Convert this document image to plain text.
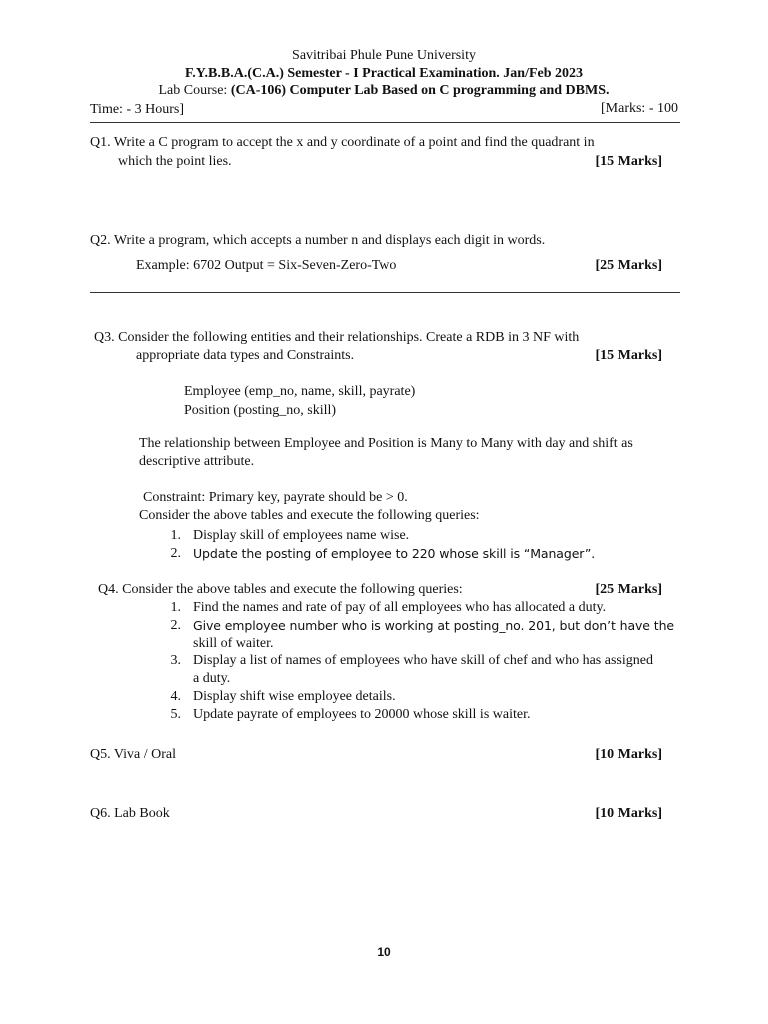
Savitribai Phule Pune University
F.Y.B.B.A.(C.A.) Semester - I Practical Examination. Jan/Feb 2023
Lab Course: (CA-106) Computer Lab Based on C programming and DBMS.
Time: - 3 Hours]	[Marks: - 100
Q1. Write a C program to accept the x and y coordinate of a point and find the quadrant in
which the point lies.	[15 Marks]
Q2. Write a program, which accepts a number n and displays each digit in words.
Example: 6702 Output = Six-Seven-Zero-Two	[25 Marks]
Q3. Consider the following entities and their relationships. Create a RDB in 3 NF with
appropriate data types and Constraints.	[15 Marks]
Employee (emp_no, name, skill, payrate)
Position (posting_no, skill)
The relationship between Employee and Position is Many to Many with day and shift as
descriptive attribute.
Constraint: Primary key, payrate should be > 0.
Consider the above tables and execute the following queries:
1. Display skill of employees name wise.
2. Update the posting of employee to 220 whose skill is “Manager”.
Q4. Consider the above tables and execute the following queries:	[25 Marks]
1. Find the names and rate of pay of all employees who has allocated a duty.
2. Give employee number who is working at posting_no. 201, but don’t have the
skill of waiter.
3. Display a list of names of employees who have skill of chef and who has assigned
a duty.
4. Display shift wise employee details.
5. Update payrate of employees to 20000 whose skill is waiter.
Q5. Viva / Oral	[10 Marks]
Q6. Lab Book	[10 Marks]
10
